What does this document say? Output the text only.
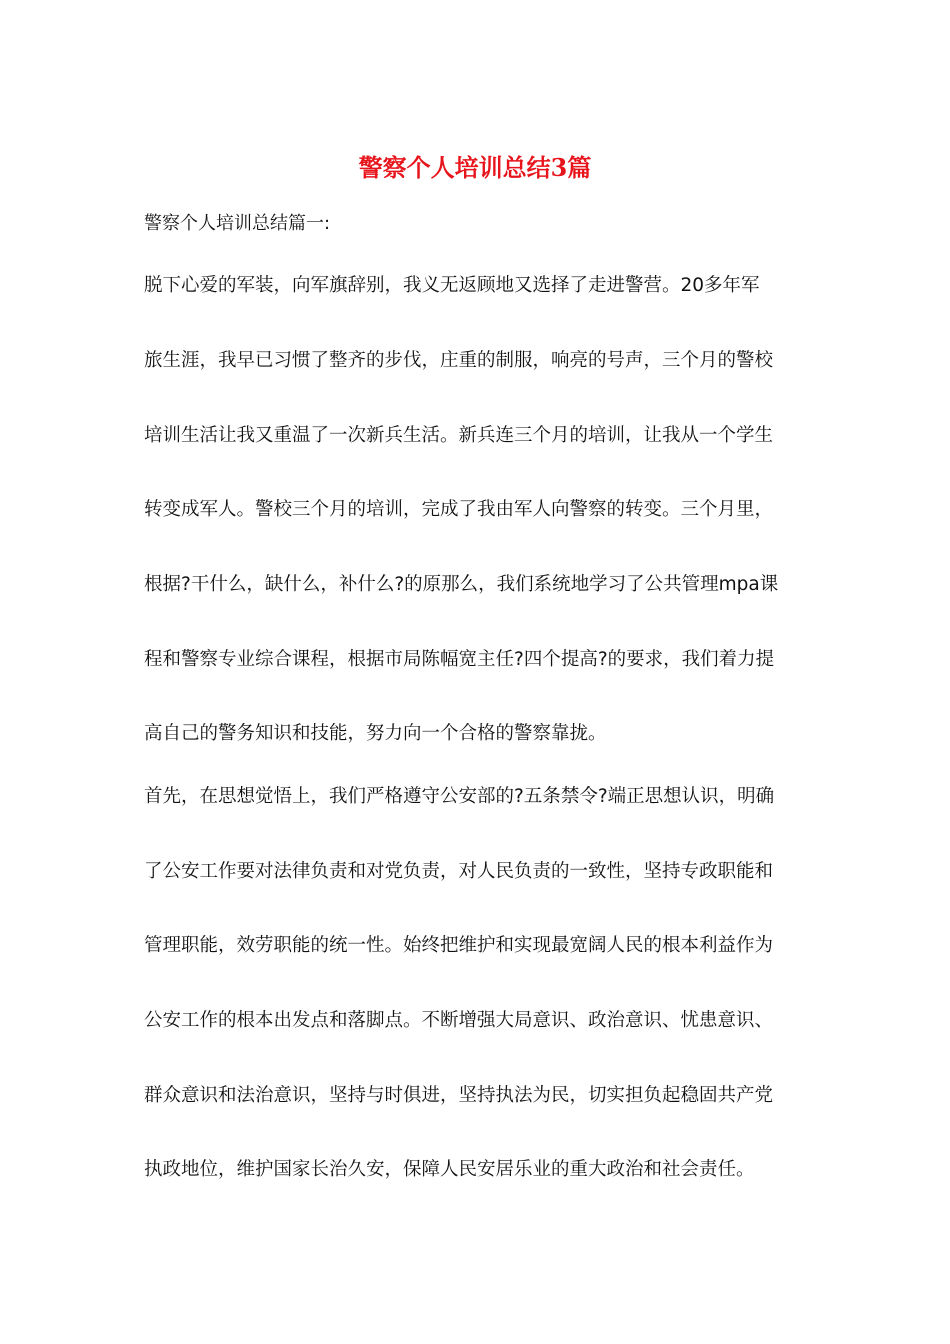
警察个人培训总结3篇

警察个人培训总结篇一:

脱下心爱的军装，向军旗辞别，我义无返顾地又选择了走进警营。20多年军

旅生涯，我早已习惯了整齐的步伐，庄重的制服，响亮的号声，三个月的警校

培训生活让我又重温了一次新兵生活。新兵连三个月的培训，让我从一个学生

转变成军人。警校三个月的培训，完成了我由军人向警察的转变。三个月里，

根据?干什么，缺什么，补什么?的原那么，我们系统地学习了公共管理mpa课

程和警察专业综合课程，根据市局陈幅宽主任?四个提高?的要求，我们着力提

高自己的警务知识和技能，努力向一个合格的警察靠拢。

首先，在思想觉悟上，我们严格遵守公安部的?五条禁令?端正思想认识，明确

了公安工作要对法律负责和对党负责，对人民负责的一致性，坚持专政职能和

管理职能，效劳职能的统一性。始终把维护和实现最宽阔人民的根本利益作为

公安工作的根本出发点和落脚点。不断增强大局意识、政治意识、忧患意识、

群众意识和法治意识，坚持与时俱进，坚持执法为民，切实担负起稳固共产党

执政地位，维护国家长治久安，保障人民安居乐业的重大政治和社会责任。
